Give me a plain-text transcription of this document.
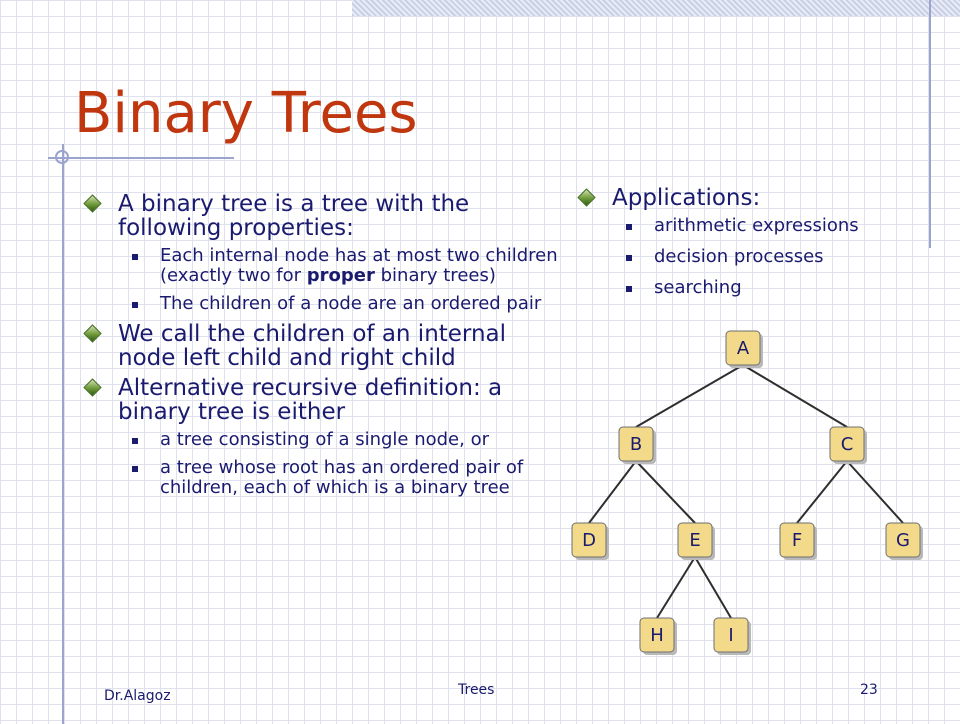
Binary Trees
A binary tree is a tree with the following properties:
Each internal node has at most two children (exactly two for proper binary trees)
The children of a node are an ordered pair
We call the children of an internal node left child and right child
Alternative recursive definition: a binary tree is either
a tree consisting of a single node, or
a tree whose root has an ordered pair of children, each of which is a binary tree
Applications:
arithmetic expressions
decision processes
searching
A
B	C
D	E	F	G
H	I
Dr.Alagoz	Trees	23
